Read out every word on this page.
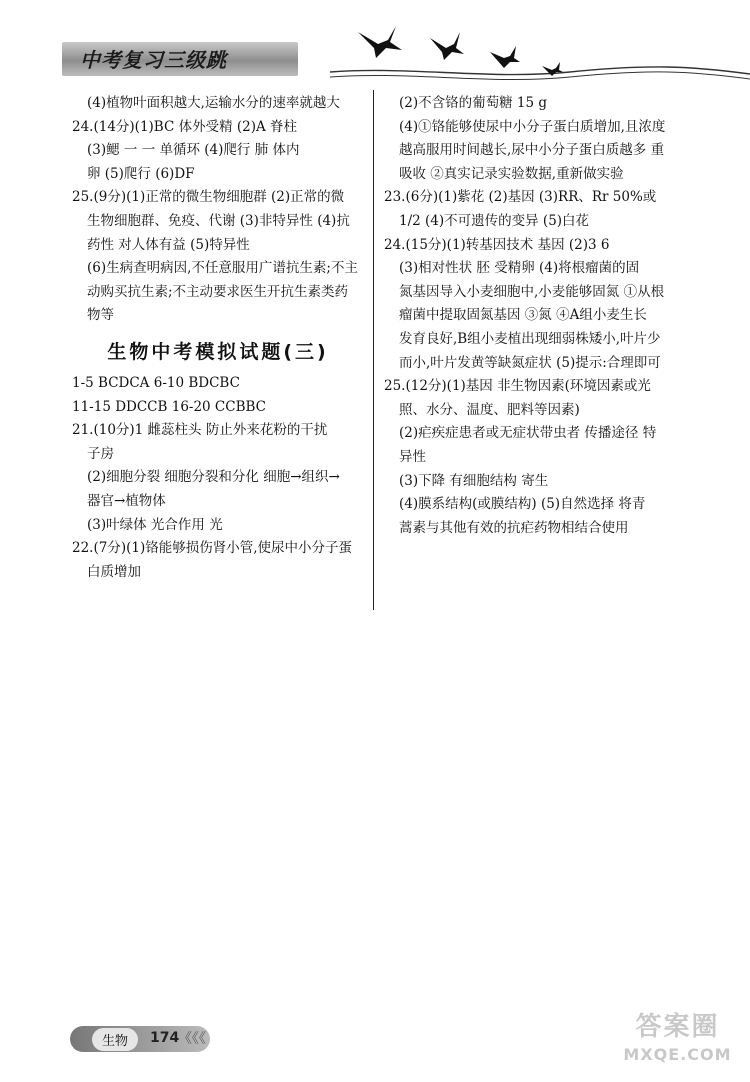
中考复习三级跳
(4)植物叶面积越大,运输水分的速率就越大
24.(14分)(1)BC 体外受精 (2)A 脊柱
(3)鳃 一 一 单循环 (4)爬行 肺 体内
卵 (5)爬行 (6)DF
25.(9分)(1)正常的微生物细胞群 (2)正常的微
生物细胞群、免疫、代谢 (3)非特异性 (4)抗
药性 对人体有益 (5)特异性
(6)生病查明病因,不任意服用广谱抗生素;不主
动购买抗生素;不主动要求医生开抗生素类药
物等
生物中考模拟试题(三)
1-5 BCDCA 6-10 BDCBC
11-15 DDCCB 16-20 CCBBC
21.(10分)1 雌蕊柱头 防止外来花粉的干扰
子房
(2)细胞分裂 细胞分裂和分化 细胞→组织→
器官→植物体
(3)叶绿体 光合作用 光
22.(7分)(1)铬能够损伤肾小管,使尿中小分子蛋
白质增加
(2)不含铬的葡萄糖 15 g
(4)①铬能够使尿中小分子蛋白质增加,且浓度
越高服用时间越长,尿中小分子蛋白质越多 重
吸收 ②真实记录实验数据,重新做实验
23.(6分)(1)紫花 (2)基因 (3)RR、Rr 50%或
1/2 (4)不可遗传的变异 (5)白花
24.(15分)(1)转基因技术 基因 (2)3 6
(3)相对性状 胚 受精卵 (4)将根瘤菌的固
氮基因导入小麦细胞中,小麦能够固氮 ①从根
瘤菌中提取固氮基因 ③氮 ④A组小麦生长
发育良好,B组小麦植出现细弱株矮小,叶片少
而小,叶片发黄等缺氮症状 (5)提示:合理即可
25.(12分)(1)基因 非生物因素(环境因素或光
照、水分、温度、肥料等因素)
(2)疟疾症患者或无症状带虫者 传播途径 特
异性
(3)下降 有细胞结构 寄生
(4)膜系结构(或膜结构) (5)自然选择 将青
蒿素与其他有效的抗疟药物相结合使用
生物	174
《《《	答案圈
MXQE.COM
